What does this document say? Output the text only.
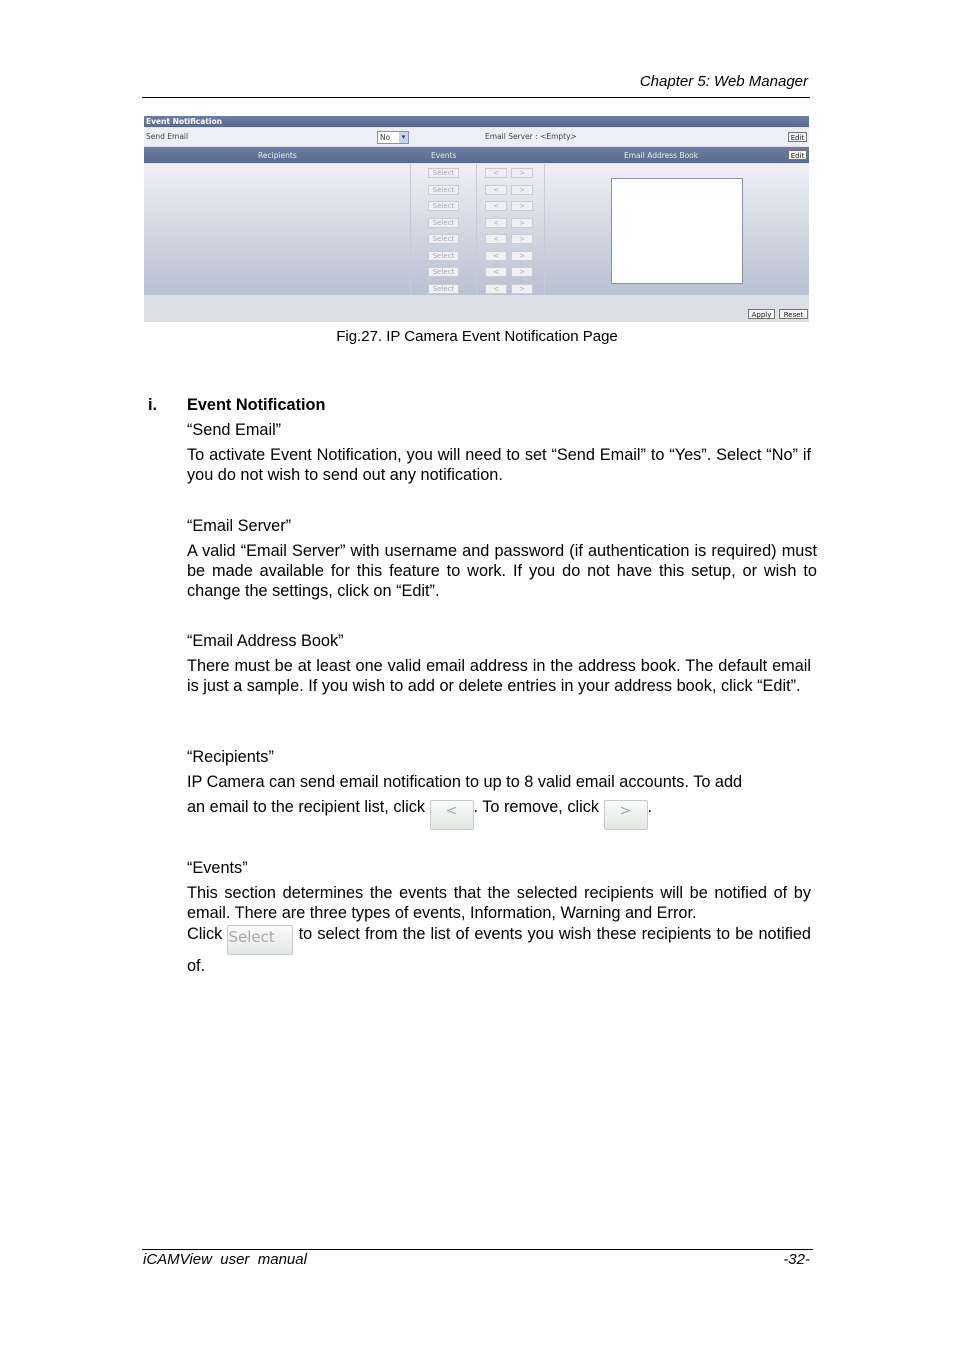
Chapter 5: Web Manager
Event Notification
Send Email	No	▾	Email Server : <Empty>	Edit
Recipients	Events	Email Address Book	Edit
Select	<	>
Select	<	>
Select	<	>
Select	<	>
Select	<	>
Select	<	>
Select	<	>
Select	<	>
Apply	Reset
Fig.27. IP Camera Event Notification Page
i. Event Notification
“Send Email”
To activate Event Notification, you will need to set “Send Email” to “Yes”. Select “No” if you do not wish to send out any notification.
“Email Server”
A valid “Email Server” with username and password (if authentication is required) must be made available for this feature to work. If you do not have this setup, or wish to change the settings, click on “Edit”.
“Email Address Book”
There must be at least one valid email address in the address book. The default email is just a sample. If you wish to add or delete entries in your address book, click “Edit”.
“Recipients”
IP Camera can send email notification to up to 8 valid email accounts. To add
an email to the recipient list, click < . To remove, click > .
“Events”
This section determines the events that the selected recipients will be notified of by email. There are three types of events, Information, Warning and Error.
Click Select to select from the list of events you wish these recipients to be notified of.
iCAMView  user  manual	-32-
